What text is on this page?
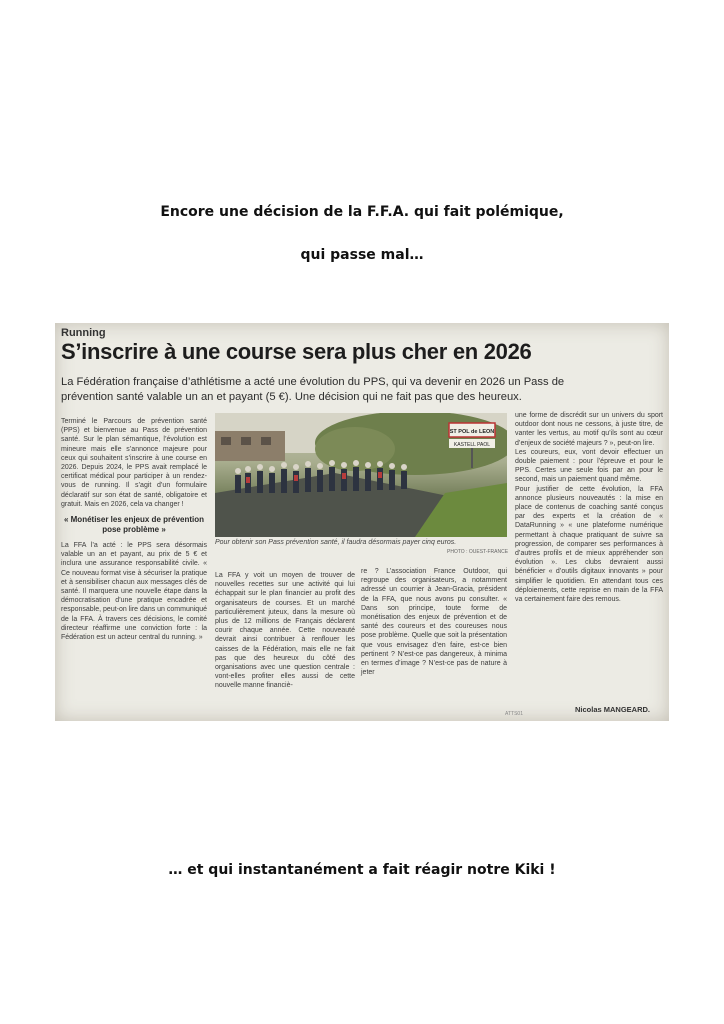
Encore une décision de la F.F.A. qui fait polémique,

qui passe mal…

Running
S’inscrire à une course sera plus cher en 2026

La Fédération française d’athlétisme a acté une évolution du PPS, qui va devenir en 2026 un Pass de prévention santé valable un an et payant (5 €). Une décision qui ne fait pas que des heureux.

Terminé le Parcours de prévention santé (PPS) et bienvenue au Pass de prévention santé. Sur le plan sémantique, l’évolution est mineure mais elle s’annonce majeure pour ceux qui souhaitent s’inscrire à une course en 2026. Depuis 2024, le PPS avait remplacé le certificat médical pour participer à un rendez-vous de running. Il s’agit d’un formulaire déclaratif sur son état de santé, obligatoire et gratuit. Mais en 2026, cela va changer !

« Monétiser les enjeux de prévention pose problème »

La FFA l’a acté : le PPS sera désormais valable un an et payant, au prix de 5 € et inclura une assurance responsabilité civile. « Ce nouveau format vise à sécuriser la pratique et à sensibiliser chacun aux messages clés de santé. Il marquera une nouvelle étape dans la démocratisation d’une pratique encadrée et responsable, peut-on lire dans un communiqué de la FFA. À travers ces décisions, le comité directeur réaffirme une conviction forte : la Fédération est un acteur central du running. »

ST POL de LEON
KASTELL PAOL
Pour obtenir son Pass prévention santé, il faudra désormais payer cinq euros.
PHOTO : OUEST-FRANCE

La FFA y voit un moyen de trouver de nouvelles recettes sur une activité qui lui échappait sur le plan financier au profit des organisateurs de courses. Et un marché particulièrement juteux, dans la mesure où plus de 12 millions de Français déclarent courir chaque année. Cette nouveauté devrait ainsi contribuer à renflouer les caisses de la Fédération, mais elle ne fait pas que des heureux du côté des organisations avec une question centrale : vont-elles profiter elles aussi de cette nouvelle manne financiè-

re ? L’association France Outdoor, qui regroupe des organisateurs, a notamment adressé un courrier à Jean-Gracia, président de la FFA, que nous avons pu consulter. « Dans son principe, toute forme de monétisation des enjeux de prévention et de santé des coureurs et des coureuses nous pose problème. Quelle que soit la présentation que vous envisagez d’en faire, est-ce bien pertinent ? N’est-ce pas dangereux, à minima en termes d’image ? N’est-ce pas de nature à jeter

une forme de discrédit sur un univers du sport outdoor dont nous ne cessons, à juste titre, de vanter les vertus, au motif qu’ils sont au cœur d’enjeux de société majeurs ? », peut-on lire.

Les coureurs, eux, vont devoir effectuer un double paiement : pour l’épreuve et pour le PPS. Certes une seule fois par an pour le second, mais un paiement quand même.

Pour justifier de cette évolution, la FFA annonce plusieurs nouveautés : la mise en place de contenus de coaching santé conçus par des experts et la création de « DataRunning » « une plateforme numérique permettant à chaque pratiquant de suivre sa progression, de comparer ses performances à d’autres profils et de mieux appréhender son évolution ». Les clubs devraient aussi bénéficier « d’outils digitaux innovants » pour simplifier le quotidien. En attendant tous ces déploiements, cette reprise en main de la FFA va certainement faire des remous.

ATTS01	Nicolas MANGEARD.

… et qui instantanément a fait réagir notre Kiki !
